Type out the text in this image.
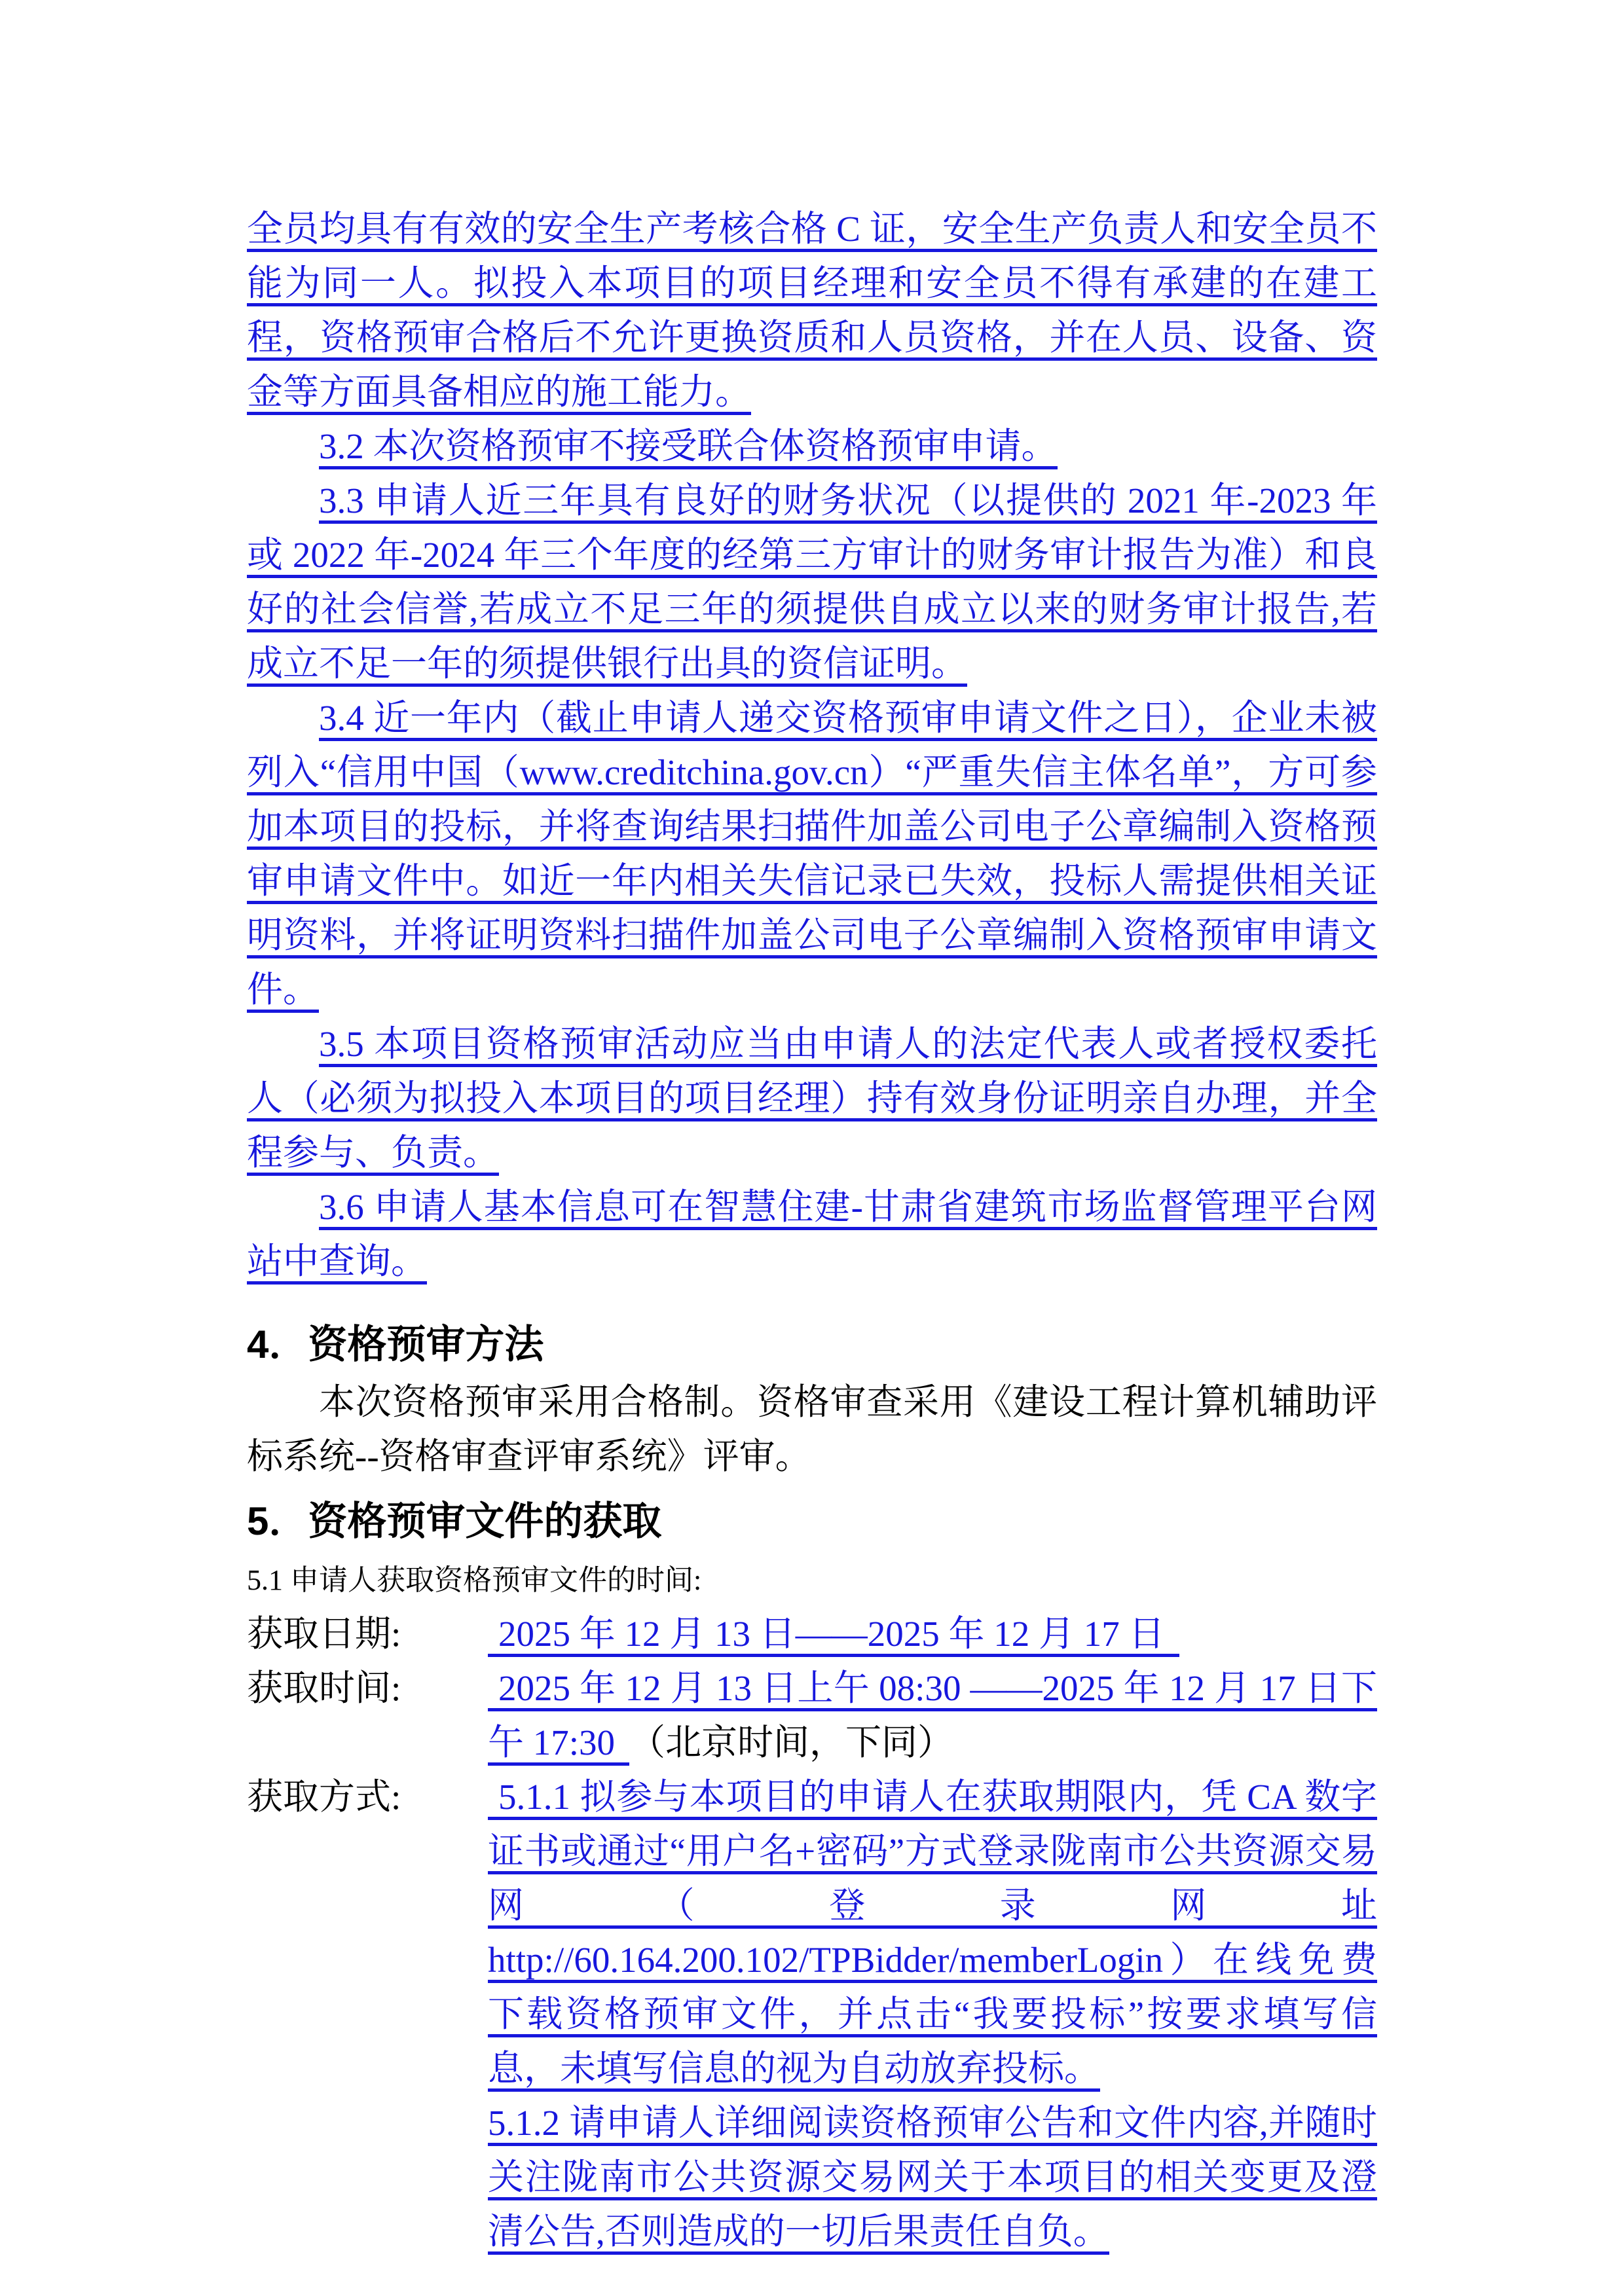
全员均具有有效的安全生产考核合格 C 证，安全生产负责人和安全员不能为同一人。拟投入本项目的项目经理和安全员不得有承建的在建工程，资格预审合格后不允许更换资质和人员资格，并在人员、设备、资金等方面具备相应的施工能力。

3.2 本次资格预审不接受联合体资格预审申请。

3.3 申请人近三年具有良好的财务状况（以提供的 2021 年-2023 年或 2022 年-2024 年三个年度的经第三方审计的财务审计报告为准）和良好的社会信誉,若成立不足三年的须提供自成立以来的财务审计报告,若成立不足一年的须提供银行出具的资信证明。

3.4 近一年内（截止申请人递交资格预审申请文件之日），企业未被列入“信用中国（www.creditchina.gov.cn）“严重失信主体名单”，方可参加本项目的投标，并将查询结果扫描件加盖公司电子公章编制入资格预审申请文件中。如近一年内相关失信记录已失效，投标人需提供相关证明资料，并将证明资料扫描件加盖公司电子公章编制入资格预审申请文件。

3.5 本项目资格预审活动应当由申请人的法定代表人或者授权委托人（必须为拟投入本项目的项目经理）持有效身份证明亲自办理，并全程参与、负责。

3.6 申请人基本信息可在智慧住建-甘肃省建筑市场监督管理平台网站中查询。

4．资格预审方法

本次资格预审采用合格制。资格审查采用《建设工程计算机辅助评标系统--资格审查评审系统》评审。

5．资格预审文件的获取

5.1 申请人获取资格预审文件的时间:

获取日期:	2025 年 12 月 13 日——2025 年 12 月 17 日
获取时间:	2025 年 12 月 13 日上午 08:30 ——2025 年 12 月 17 日下午 17:30 （北京时间，下同）
获取方式:	5.1.1 拟参与本项目的申请人在获取期限内，凭 CA 数字证书或通过“用户名+密码”方式登录陇南市公共资源交易网（登录网址 http://60.164.200.102/TPBidder/memberLogin）在线免费下载资格预审文件，并点击“我要投标”按要求填写信息，未填写信息的视为自动放弃投标。

5.1.2 请申请人详细阅读资格预审公告和文件内容,并随时关注陇南市公共资源交易网关于本项目的相关变更及澄清公告,否则造成的一切后果责任自负。
